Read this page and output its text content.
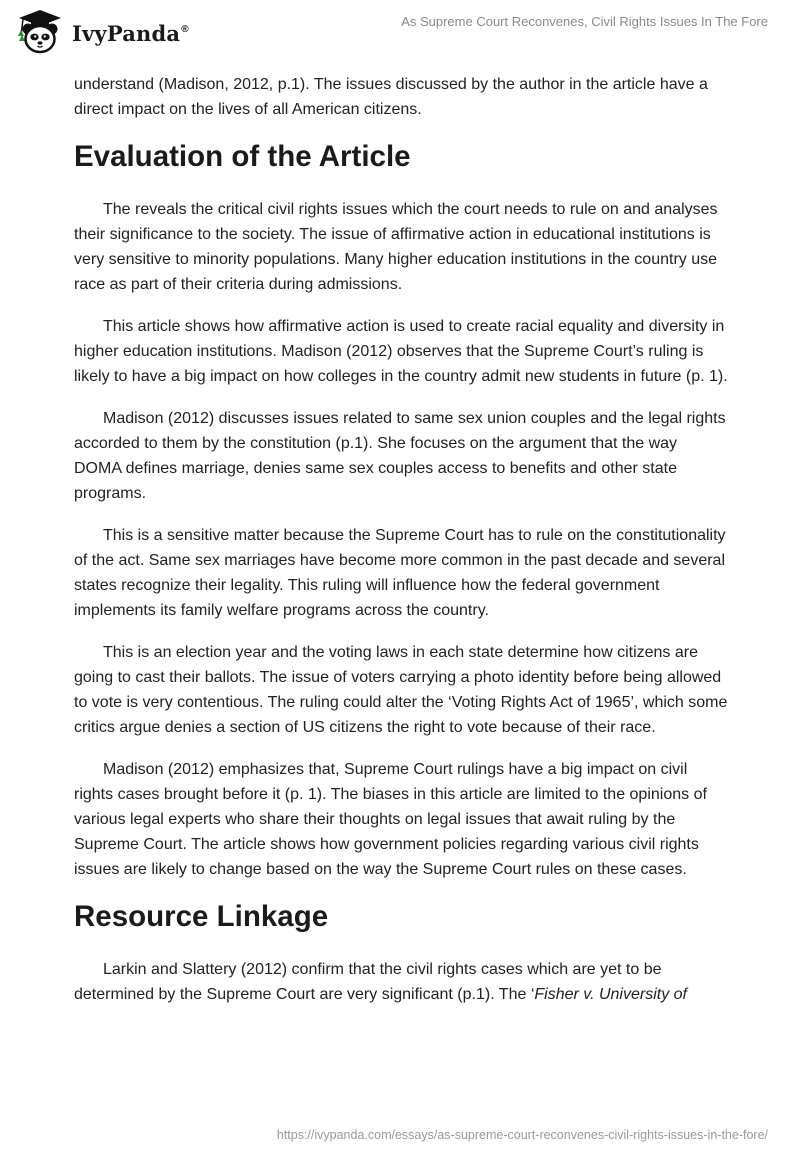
IvyPanda®	As Supreme Court Reconvenes, Civil Rights Issues In The Fore

understand (Madison, 2012, p.1). The issues discussed by the author in the article have a direct impact on the lives of all American citizens.

Evaluation of the Article

The reveals the critical civil rights issues which the court needs to rule on and analyses their significance to the society. The issue of affirmative action in educational institutions is very sensitive to minority populations. Many higher education institutions in the country use race as part of their criteria during admissions.

This article shows how affirmative action is used to create racial equality and diversity in higher education institutions. Madison (2012) observes that the Supreme Court’s ruling is likely to have a big impact on how colleges in the country admit new students in future (p. 1).

Madison (2012) discusses issues related to same sex union couples and the legal rights accorded to them by the constitution (p.1). She focuses on the argument that the way DOMA defines marriage, denies same sex couples access to benefits and other state programs.

This is a sensitive matter because the Supreme Court has to rule on the constitutionality of the act. Same sex marriages have become more common in the past decade and several states recognize their legality. This ruling will influence how the federal government implements its family welfare programs across the country.

This is an election year and the voting laws in each state determine how citizens are going to cast their ballots. The issue of voters carrying a photo identity before being allowed to vote is very contentious. The ruling could alter the ‘Voting Rights Act of 1965’, which some critics argue denies a section of US citizens the right to vote because of their race.

Madison (2012) emphasizes that, Supreme Court rulings have a big impact on civil rights cases brought before it (p. 1). The biases in this article are limited to the opinions of various legal experts who share their thoughts on legal issues that await ruling by the Supreme Court. The article shows how government policies regarding various civil rights issues are likely to change based on the way the Supreme Court rules on these cases.

Resource Linkage

Larkin and Slattery (2012) confirm that the civil rights cases which are yet to be determined by the Supreme Court are very significant (p.1). The ‘Fisher v. University of

https://ivypanda.com/essays/as-supreme-court-reconvenes-civil-rights-issues-in-the-fore/
